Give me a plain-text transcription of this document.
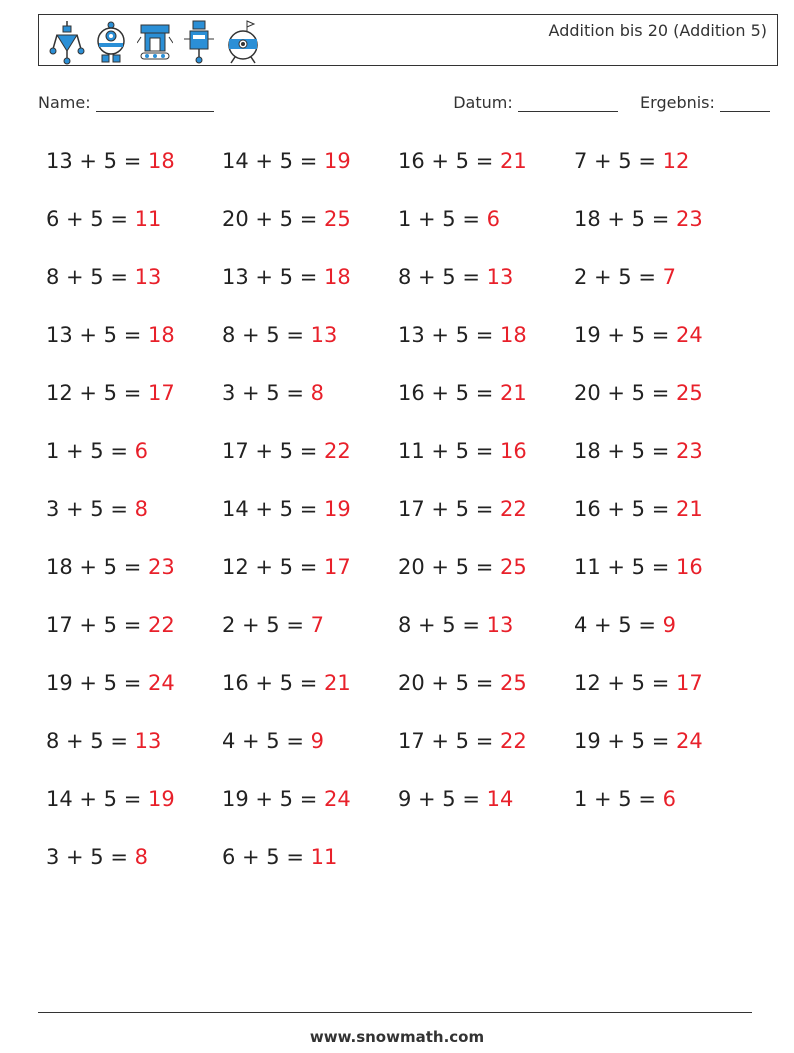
Addition bis 20 (Addition 5)
Name:	Datum:	Ergebnis:
13 + 5 = 18	14 + 5 = 19	16 + 5 = 21	7 + 5 = 12
6 + 5 = 11	20 + 5 = 25	1 + 5 = 6	18 + 5 = 23
8 + 5 = 13	13 + 5 = 18	8 + 5 = 13	2 + 5 = 7
13 + 5 = 18	8 + 5 = 13	13 + 5 = 18	19 + 5 = 24
12 + 5 = 17	3 + 5 = 8	16 + 5 = 21	20 + 5 = 25
1 + 5 = 6	17 + 5 = 22	11 + 5 = 16	18 + 5 = 23
3 + 5 = 8	14 + 5 = 19	17 + 5 = 22	16 + 5 = 21
18 + 5 = 23	12 + 5 = 17	20 + 5 = 25	11 + 5 = 16
17 + 5 = 22	2 + 5 = 7	8 + 5 = 13	4 + 5 = 9
19 + 5 = 24	16 + 5 = 21	20 + 5 = 25	12 + 5 = 17
8 + 5 = 13	4 + 5 = 9	17 + 5 = 22	19 + 5 = 24
14 + 5 = 19	19 + 5 = 24	9 + 5 = 14	1 + 5 = 6
3 + 5 = 8	6 + 5 = 11
www.snowmath.com
